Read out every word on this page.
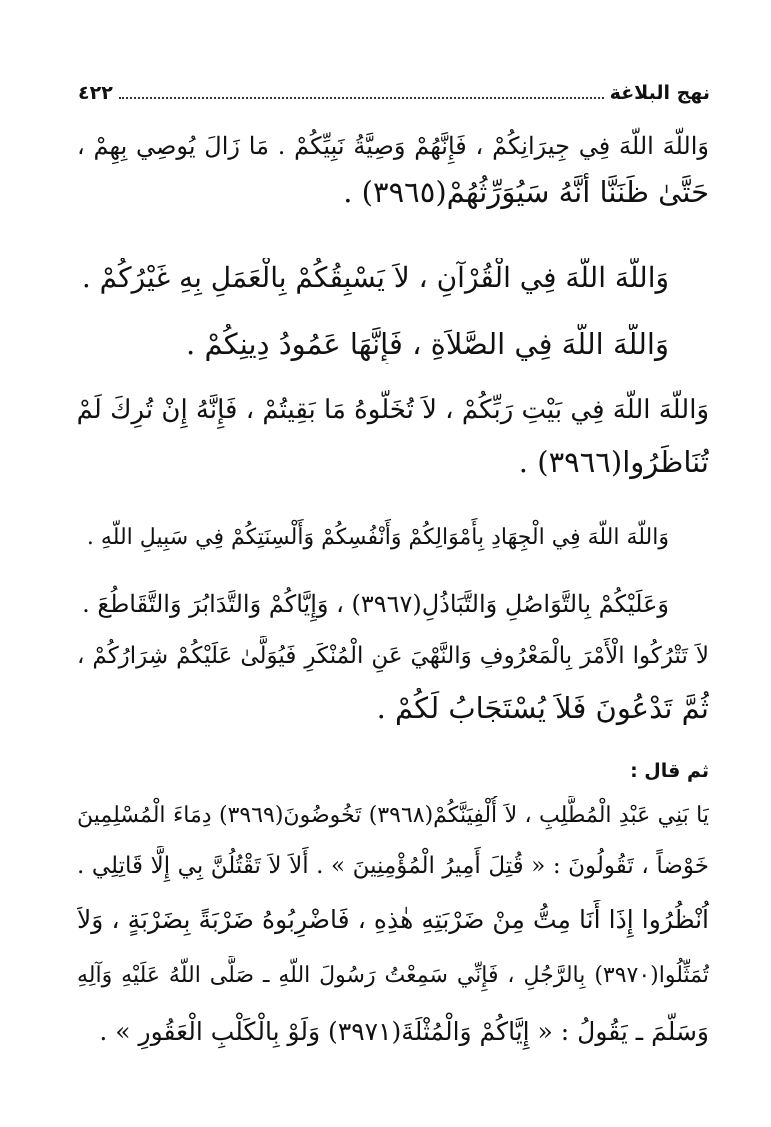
٤٢٢	نهج البلاغة
وَاللّهَ اللّهَ فِي جِيرَانِكُمْ ، فَإِنَّهُمْ وَصِيَّةُ نَبِيِّكُمْ . مَا زَالَ يُوصِي بِهِمْ ،
حَتَّىٰ ظَنَنَّا أَنَّهُ سَيُوَرِّثُهُمْ(٣٩٦٥) .
وَاللّهَ اللّهَ فِي الْقُرْآنِ ، لاَ يَسْبِقُكُمْ بِالْعَمَلِ بِهِ غَيْرُكُمْ .
وَاللّهَ اللّهَ فِي الصَّلاَةِ ، فَإِنَّهَا عَمُودُ دِينِكُمْ .
وَاللّهَ اللّهَ فِي بَيْتِ رَبِّكُمْ ، لاَ تُخَلُّوهُ مَا بَقِيتُمْ ، فَإِنَّهُ إِنْ تُرِكَ لَمْ
تُنَاظَرُوا(٣٩٦٦) .
وَاللّهَ اللّهَ فِي الْجِهَادِ بِأَمْوَالِكُمْ وَأَنْفُسِكُمْ وَأَلْسِنَتِكُمْ فِي سَبِيلِ اللّهِ .
وَعَلَيْكُمْ بِالتَّوَاصُلِ وَالتَّبَاذُلِ(٣٩٦٧) ، وَإِيَّاكُمْ وَالتَّدَابُرَ وَالتَّقَاطُعَ .
لاَ تَتْرُكُوا الْأَمْرَ بِالْمَعْرُوفِ وَالنَّهْيَ عَنِ الْمُنْكَرِ فَيُوَلَّىٰ عَلَيْكُمْ شِرَارُكُمْ ،
ثُمَّ تَدْعُونَ فَلاَ يُسْتَجَابُ لَكُمْ .
ثم قال :
يَا بَنِي عَبْدِ الْمُطَّلِبِ ، لاَ أُلْفِيَنَّكُمْ(٣٩٦٨) تَخُوضُونَ(٣٩٦٩) دِمَاءَ الْمُسْلِمِينَ
خَوْضاً ، تَقُولُونَ : « قُتِلَ أَمِيرُ الْمُؤْمِنِينَ » . أَلاَ لاَ تَقْتُلُنَّ بِي إِلَّا قَاتِلِي .
اُنْظُرُوا إِذَا أَنَا مِتُّ مِنْ ضَرْبَتِهِ هٰذِهِ ، فَاضْرِبُوهُ ضَرْبَةً بِضَرْبَةٍ ، وَلاَ
تُمَثِّلُوا(٣٩٧٠) بِالرَّجُلِ ، فَإِنِّي سَمِعْتُ رَسُولَ اللّهِ ـ صَلَّى اللّهُ عَلَيْهِ وَآلِهِ
وَسَلَّمَ ـ يَقُولُ : « إِيَّاكُمْ وَالْمُثْلَةَ(٣٩٧١) وَلَوْ بِالْكَلْبِ الْعَقُورِ » .
